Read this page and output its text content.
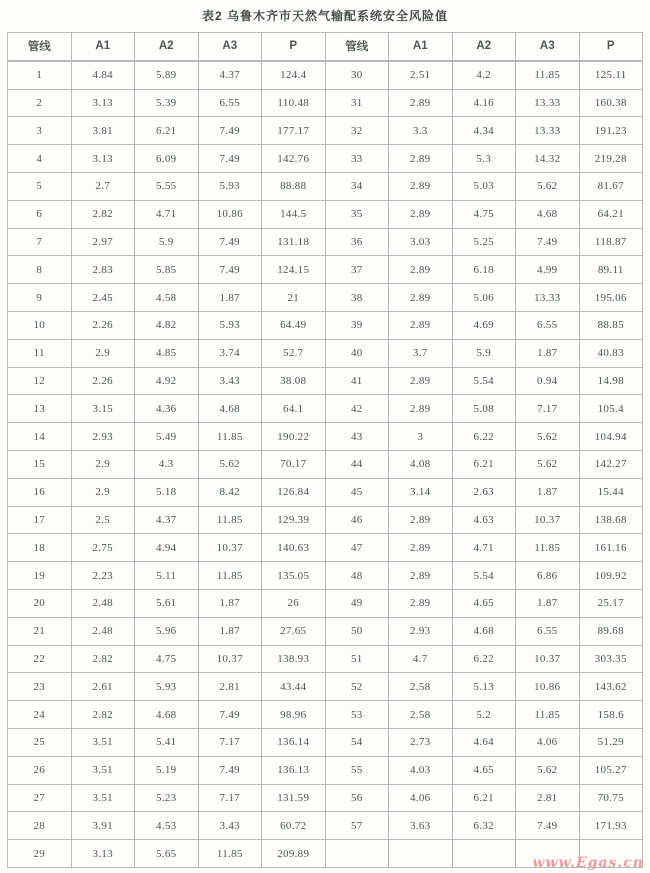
表2 乌鲁木齐市天然气输配系统安全风险值
管线	A1	A2	A3	P	管线	A1	A2	A3	P
1	4.84	5.89	4.37	124.4	30	2.51	4.2	11.85	125.11
2	3.13	5.39	6.55	110.48	31	2.89	4.16	13.33	160.38
3	3.81	6.21	7.49	177.17	32	3.3	4.34	13.33	191.23
4	3.13	6.09	7.49	142.76	33	2.89	5.3	14.32	219.28
5	2.7	5.55	5.93	88.88	34	2.89	5.03	5.62	81.67
6	2.82	4.71	10.86	144.5	35	2.89	4.75	4.68	64.21
7	2.97	5.9	7.49	131.18	36	3.03	5.25	7.49	118.87
8	2.83	5.85	7.49	124.15	37	2.89	6.18	4.99	89.11
9	2.45	4.58	1.87	21	38	2.89	5.06	13.33	195.06
10	2.26	4.82	5.93	64.49	39	2.89	4.69	6.55	88.85
11	2.9	4.85	3.74	52.7	40	3.7	5.9	1.87	40.83
12	2.26	4.92	3.43	38.08	41	2.89	5.54	0.94	14.98
13	3.15	4.36	4.68	64.1	42	2.89	5.08	7.17	105.4
14	2.93	5.49	11.85	190.22	43	3	6.22	5.62	104.94
15	2.9	4.3	5.62	70.17	44	4.08	6.21	5.62	142.27
16	2.9	5.18	8.42	126.84	45	3.14	2.63	1.87	15.44
17	2.5	4.37	11.85	129.39	46	2.89	4.63	10.37	138.68
18	2.75	4.94	10.37	140.63	47	2.89	4.71	11.85	161.16
19	2.23	5.11	11.85	135.05	48	2.89	5.54	6.86	109.92
20	2.48	5.61	1.87	26	49	2.89	4.65	1.87	25.17
21	2.48	5.96	1.87	27.65	50	2.93	4.68	6.55	89.68
22	2.82	4.75	10.37	138.93	51	4.7	6.22	10.37	303.35
23	2.61	5.93	2.81	43.44	52	2.58	5.13	10.86	143.62
24	2.82	4.68	7.49	98.96	53	2.58	5.2	11.85	158.6
25	3.51	5.41	7.17	136.14	54	2.73	4.64	4.06	51.29
26	3.51	5.19	7.49	136.13	55	4.03	4.65	5.62	105.27
27	3.51	5.23	7.17	131.59	56	4.06	6.21	2.81	70.75
28	3.91	4.53	3.43	60.72	57	3.63	6.32	7.49	171.93
29	3.13	5.65	11.85	209.89					
www.Egas.cn
